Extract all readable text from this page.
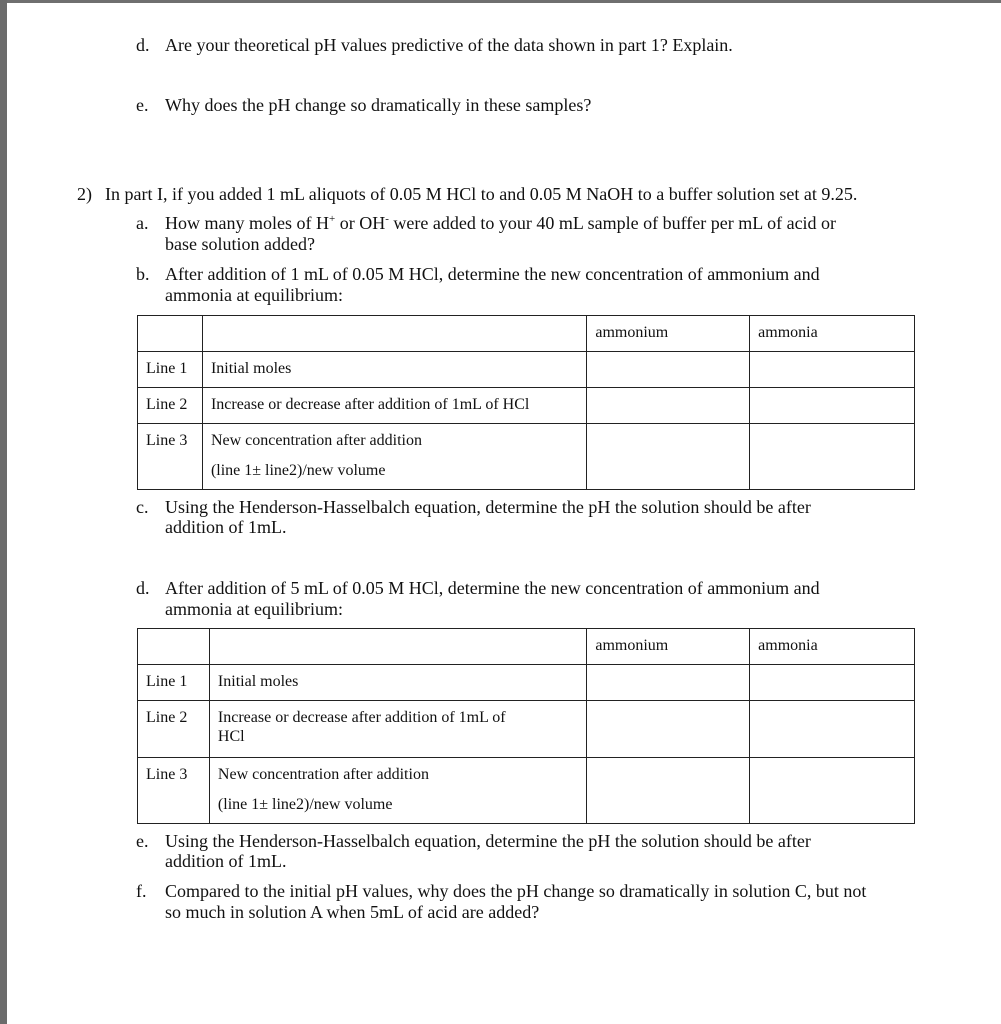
d. Are your theoretical pH values predictive of the data shown in part 1? Explain.
e. Why does the pH change so dramatically in these samples?
2) In part I, if you added 1 mL aliquots of 0.05 M HCl to and 0.05 M NaOH to a buffer solution set at 9.25.
a. How many moles of H+ or OH- were added to your 40 mL sample of buffer per mL of acid or
base solution added?
b. After addition of 1 mL of 0.05 M HCl, determine the new concentration of ammonium and
ammonia at equilibrium:
		ammonium	ammonia
Line 1	Initial moles		
Line 2	Increase or decrease after addition of 1mL of HCl		
Line 3	New concentration after addition
(line 1± line2)/new volume		

c. Using the Henderson-Hasselbalch equation, determine the pH the solution should be after
addition of 1mL.
d. After addition of 5 mL of 0.05 M HCl, determine the new concentration of ammonium and
ammonia at equilibrium:
		ammonium	ammonia
Line 1	Initial moles		
Line 2	Increase or decrease after addition of 1mL of
HCl		

Line 3	New concentration after addition
(line 1± line2)/new volume		

e. Using the Henderson-Hasselbalch equation, determine the pH the solution should be after
addition of 1mL.
f. Compared to the initial pH values, why does the pH change so dramatically in solution C, but not
so much in solution A when 5mL of acid are added?
